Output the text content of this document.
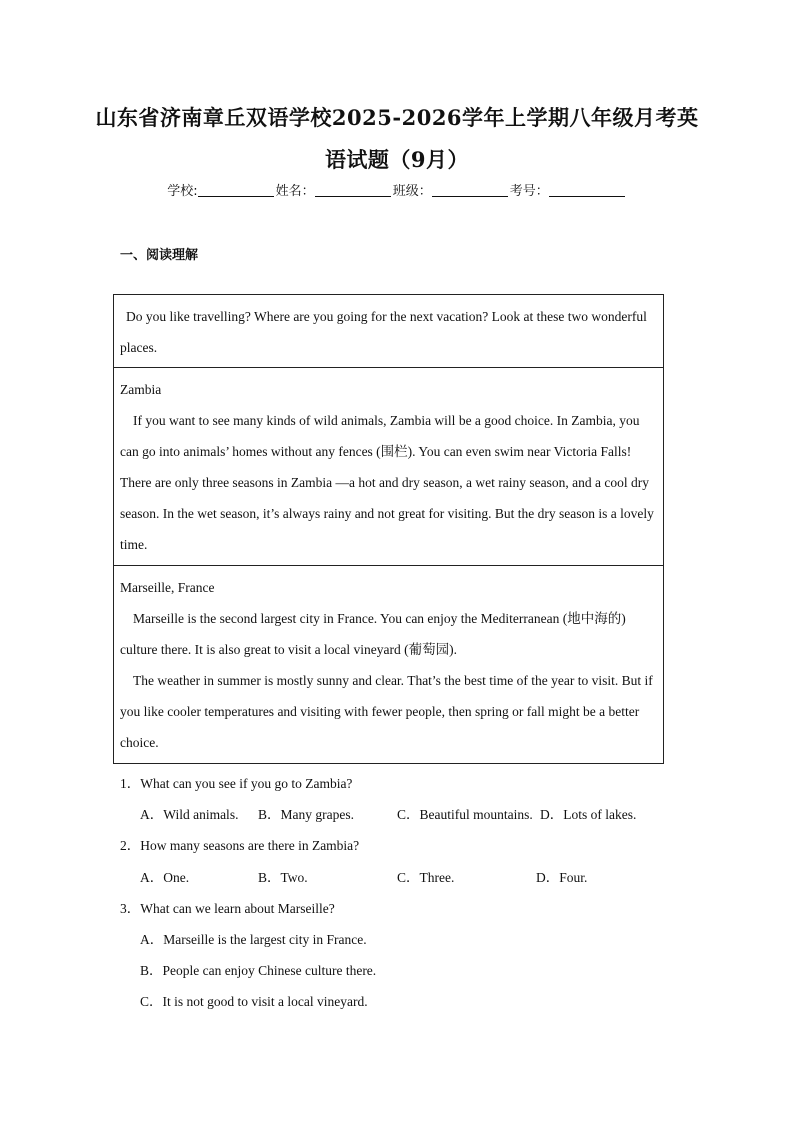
山东省济南章丘双语学校2025-2026学年上学期八年级月考英
语试题（9月）
学校:	姓名：	班级：	考号：
一、阅读理解

Do you like travelling? Where are you going for the next vacation? Look at these two wonderful places.

Zambia

If you want to see many kinds of wild animals, Zambia will be a good choice. In Zambia, you can go into animals’ homes without any fences (围栏). You can even swim near Victoria Falls! There are only three seasons in Zambia —a hot and dry season, a wet rainy season, and a cool dry season. In the wet season, it’s always rainy and not great for visiting. But the dry season is a lovely time.

Marseille, France

Marseille is the second largest city in France. You can enjoy the Mediterranean (地中海的) culture there. It is also great to visit a local vineyard (葡萄园).

The weather in summer is mostly sunny and clear. That’s the best time of the year to visit. But if you like cooler temperatures and visiting with fewer people, then spring or fall might be a better choice.

1．What can you see if you go to Zambia?
A．Wild animals. B．Many grapes.	C．Beautiful mountains. D．Lots of lakes.
2．How many seasons are there in Zambia?
A．One.	B．Two.	C．Three.	D．Four.
3．What can we learn about Marseille?
A．Marseille is the largest city in France.
B．People can enjoy Chinese culture there.
C．It is not good to visit a local vineyard.
